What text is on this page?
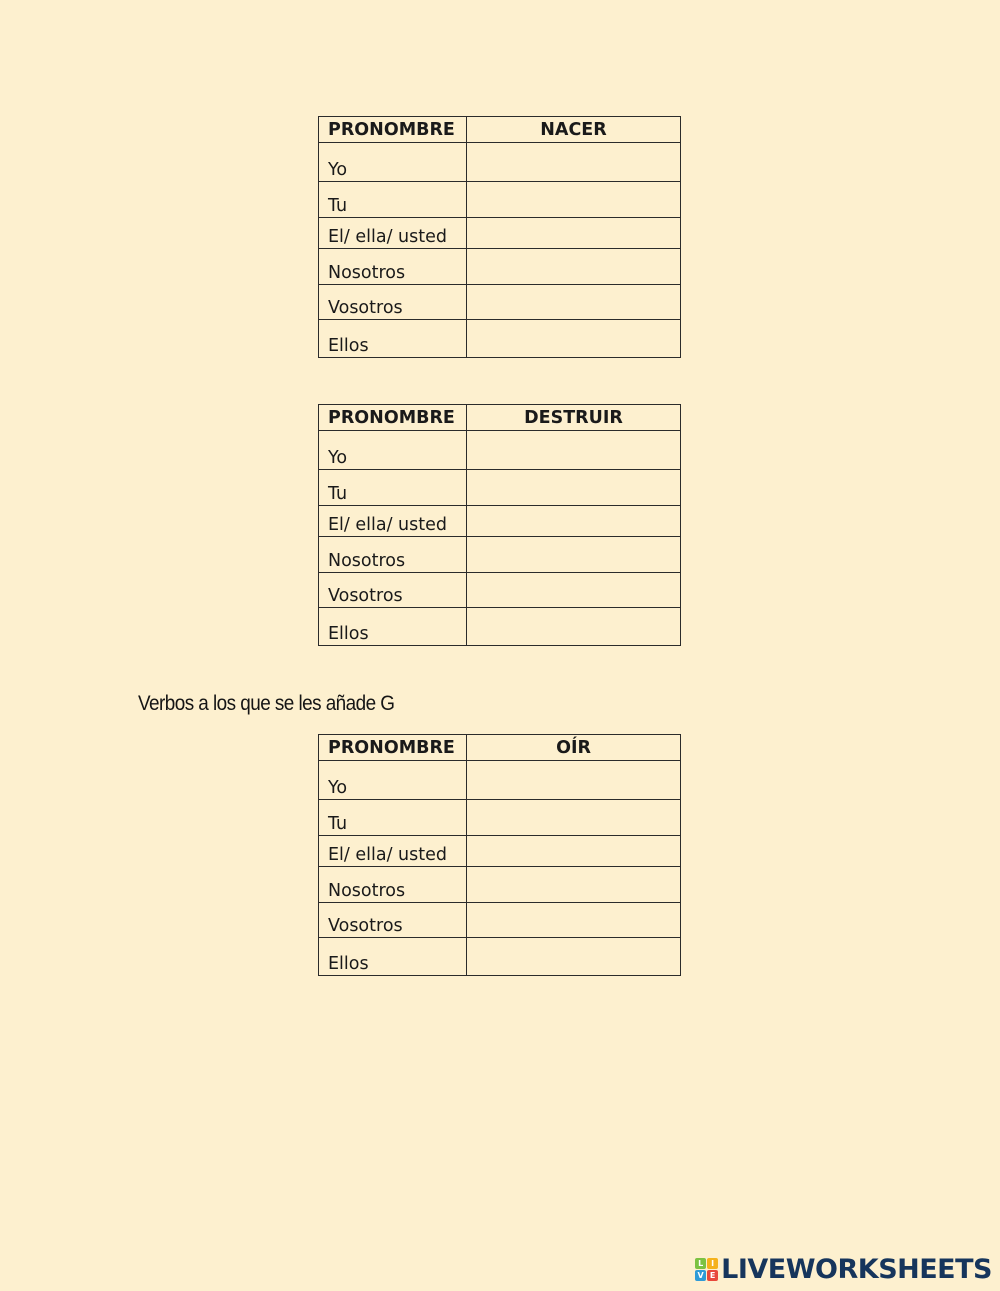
PRONOMBRE	NACER
Yo	

Tu	

El/ ella/ usted	

Nosotros	

Vosotros	

Ellos	
PRONOMBRE	DESTRUIR
Yo	

Tu	

El/ ella/ usted	

Nosotros	

Vosotros	

Ellos	
Verbos a los que se les añade G
PRONOMBRE	OÍR
Yo	

Tu	

El/ ella/ usted	

Nosotros	

Vosotros	

Ellos	
L I
V E LIVEWORKSHEETS
